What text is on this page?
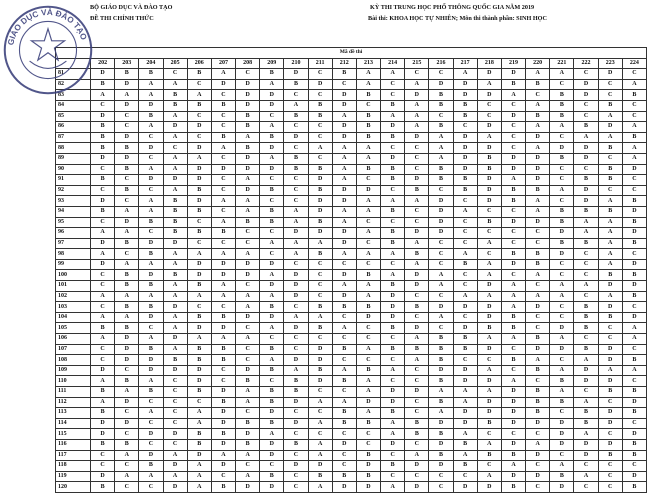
BỘ GIÁO DỤC VÀ ĐÀO TẠO
ĐỀ THI CHÍNH THỨC
KỲ THI TRUNG HỌC PHỔ THÔNG QUỐC GIA NĂM 2019
Bài thi: KHOA HỌC TỰ NHIÊN; Môn thi thành phần: SINH HỌC
GIÁO DỤC VÀ ĐÀO TẠO
Mã đề thi																							
	202	203	204	205	206	207	208	209	210	211	212	213	214	215	216	217	218	219	220	221	222	223	224
81	D	B	B	C	B	A	C	B	D	C	B	A	A	C	C	A	D	D	A	A	C	D	C
82	B	D	A	A	C	D	D	A	B	D	C	A	C	A	D	D	A	B	B	C	D	C	A
83	A	A	A	B	A	C	D	D	C	C	D	B	C	D	B	D	D	A	C	B	D	C	B
84	C	D	D	B	B	B	D	D	A	B	D	C	B	A	B	B	C	C	A	B	C	B	C
85	D	C	B	A	C	C	B	C	B	B	A	B	A	A	C	B	C	D	B	B	C	A	C
86	B	C	A	D	D	C	B	A	C	C	D	B	D	A	B	C	D	C	A	A	B	D	A
87	B	D	C	A	C	B	A	B	D	C	D	B	B	D	A	D	A	C	D	C	A	A	B
88	B	B	D	C	D	A	B	D	C	A	A	A	C	C	A	D	D	C	A	D	D	B	A
89	D	D	C	A	A	C	D	A	B	C	A	A	D	C	A	D	B	D	D	B	D	C	A
90	C	B	A	A	D	D	D	D	B	B	A	B	B	C	B	D	B	D	D	C	C	B	D
91	B	C	D	D	D	C	A	C	C	D	A	C	B	D	B	B	D	A	D	C	B	B	C
92	C	B	C	A	B	C	D	B	C	B	D	D	C	B	C	B	D	B	B	A	D	C	C
93	D	C	A	B	D	A	A	C	C	D	D	A	A	A	D	C	D	B	A	C	D	A	B
94	B	A	A	B	B	C	A	B	A	D	A	A	B	C	D	A	C	C	A	B	B	B	D
95	C	D	B	B	C	A	B	B	A	B	A	C	C	C	D	C	B	D	D	B	A	A	B
96	A	A	C	B	B	B	C	C	D	D	D	A	B	D	D	C	C	C	C	D	A	A	D
97	D	B	D	D	C	C	C	A	A	A	D	C	B	A	C	C	A	C	C	B	B	A	B
98	A	C	B	A	A	A	A	C	A	B	A	A	A	B	C	A	C	B	B	D	C	A	C
99	D	A	A	A	D	D	D	D	C	C	C	C	C	A	C	B	A	D	B	C	C	A	D
100	C	B	D	B	D	D	D	A	D	C	D	B	A	D	A	C	A	C	A	C	C	B	B
101	C	B	B	A	B	A	C	D	D	C	A	A	B	D	A	C	D	A	C	A	A	D	D
102	A	A	A	A	A	A	A	A	D	C	D	A	D	C	C	A	A	A	A	A	C	A	B
103	C	B	B	D	C	C	A	B	C	B	B	B	D	B	D	D	D	A	D	C	B	D	C
104	A	A	D	A	B	B	D	D	A	A	C	D	D	C	A	C	D	B	C	C	B	B	D
105	B	B	C	A	D	D	C	A	D	B	A	C	B	D	C	D	B	B	C	D	B	C	A
106	A	D	A	D	A	A	A	C	C	C	C	C	C	A	B	B	A	A	B	A	C	C	A
107	C	D	B	A	B	B	C	B	C	D	B	A	B	B	B	B	D	C	D	D	B	D	C
108	C	D	D	B	B	B	C	A	D	D	C	C	C	A	B	C	C	B	A	C	A	D	B
109	D	C	D	D	D	C	D	B	A	B	A	B	A	C	D	D	A	C	B	A	D	A	A
110	A	B	A	C	D	C	B	C	B	D	B	A	C	C	B	D	D	A	C	B	D	D	C
111	B	A	B	C	B	D	A	B	B	C	C	A	D	D	A	A	A	D	B	A	C	B	B
112	A	D	C	C	C	B	A	B	D	A	A	D	D	C	B	A	D	D	B	B	A	C	D
113	B	C	A	C	A	D	C	D	C	C	B	A	B	C	A	D	D	D	B	C	B	D	B
114	D	D	C	C	A	D	B	B	D	A	B	B	A	B	D	D	B	D	D	D	B	D	C
115	D	C	D	D	B	B	D	A	C	C	C	C	A	B	B	A	C	C	C	D	A	C	D
116	B	B	C	C	B	D	B	D	B	A	D	C	D	C	D	B	A	D	A	D	D	D	B
117	C	A	D	A	D	A	A	D	C	A	C	B	C	A	B	A	B	B	D	C	D	B	B
118	C	C	B	D	A	D	C	C	D	D	C	D	B	D	D	B	C	A	C	A	C	C	C
119	D	A	A	A	A	C	A	B	C	B	B	B	C	C	C	C	A	D	D	B	A	C	D
120	B	C	C	D	A	B	D	D	C	A	D	D	A	D	C	D	D	B	C	D	C	C	B
